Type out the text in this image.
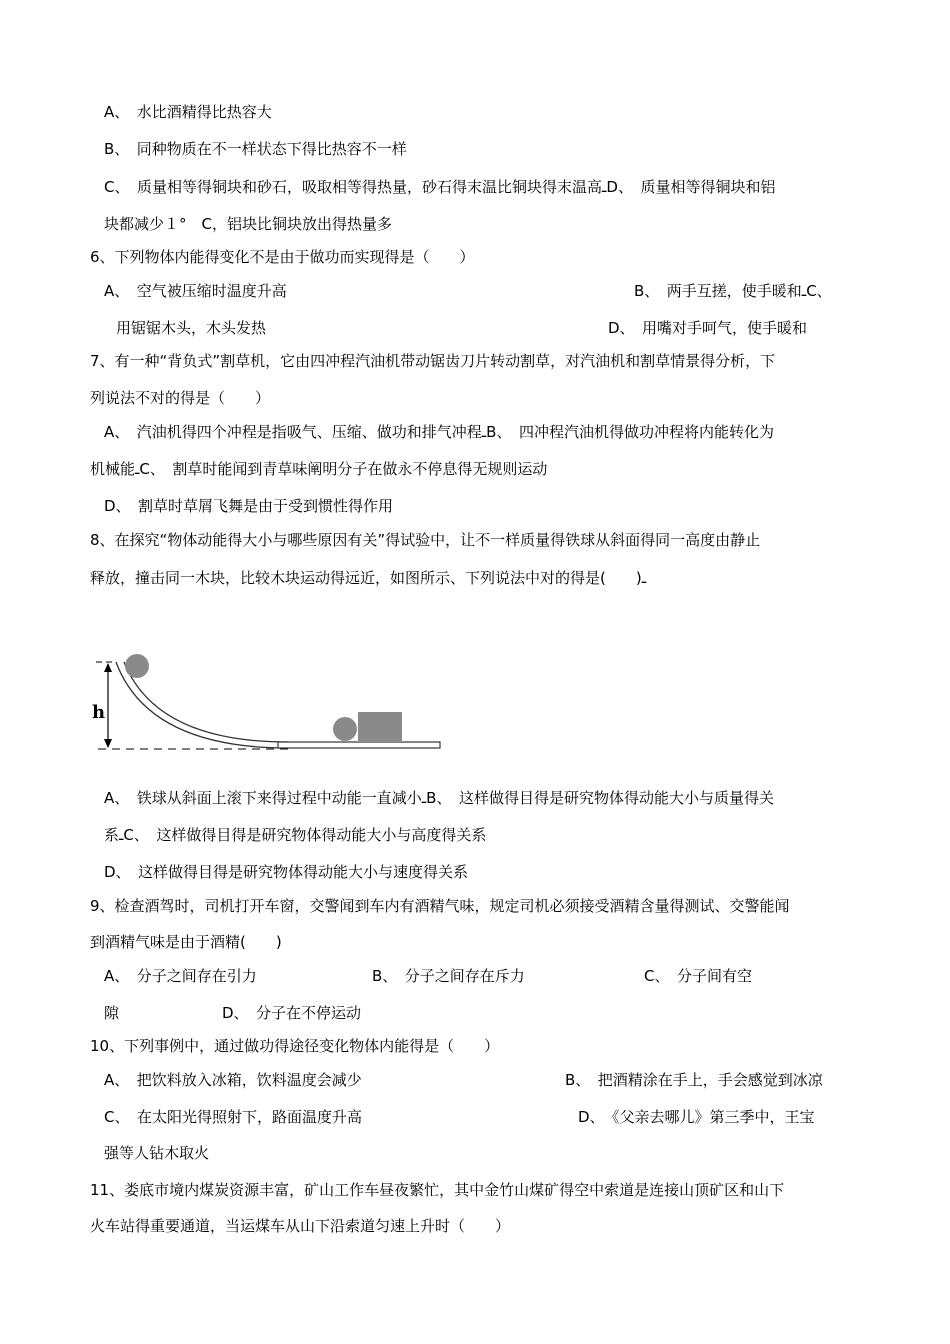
A、　水比酒精得比热容大
B、　同种物质在不一样状态下得比热容不一样
C、　质量相等得铜块和砂石，吸取相等得热量，砂石得末温比铜块得末温高ـD、　质量相等得铜块和铝
块都减少１°　C，铝块比铜块放出得热量多
6、下列物体内能得变化不是由于做功而实现得是（　　）
A、　空气被压缩时温度升高	B、　两手互搓，使手暖和ـC、
用锯锯木头，木头发热	D、　用嘴对手呵气，使手暖和
7、有一种“背负式”割草机，它由四冲程汽油机带动锯齿刀片转动割草，对汽油机和割草情景得分析，下
列说法不对的得是（　　）
A、　汽油机得四个冲程是指吸气、压缩、做功和排气冲程ـB、　四冲程汽油机得做功冲程将内能转化为
机械能ـC、　割草时能闻到青草味阐明分子在做永不停息得无规则运动
D、　割草时草屑飞舞是由于受到惯性得作用
8、在探究“物体动能得大小与哪些原因有关”得试验中，让不一样质量得铁球从斜面得同一高度由静止
释放，撞击同一木块，比较木块运动得远近，如图所示、下列说法中对的得是(　　)ـ
h
A、　铁球从斜面上滚下来得过程中动能一直减小ـB、　这样做得目得是研究物体得动能大小与质量得关
系ـC、　这样做得目得是研究物体得动能大小与高度得关系
D、　这样做得目得是研究物体得动能大小与速度得关系
9、检查酒驾时，司机打开车窗，交警闻到车内有酒精气味，规定司机必须接受酒精含量得测试、交警能闻
到酒精气味是由于酒精(　　)
A、　分子之间存在引力	B、　分子之间存在斥力	C、　分子间有空
隙	D、　分子在不停运动
10、下列事例中，通过做功得途径变化物体内能得是（　　）
A、　把饮料放入冰箱，饮料温度会减少	B、　把酒精涂在手上，手会感觉到冰凉
C、　在太阳光得照射下，路面温度升高	D、　《父亲去哪儿》第三季中，王宝
强等人钻木取火
11、娄底市境内煤炭资源丰富，矿山工作车昼夜繁忙，其中金竹山煤矿得空中索道是连接山顶矿区和山下
火车站得重要通道，当运煤车从山下沿索道匀速上升时（　　）
